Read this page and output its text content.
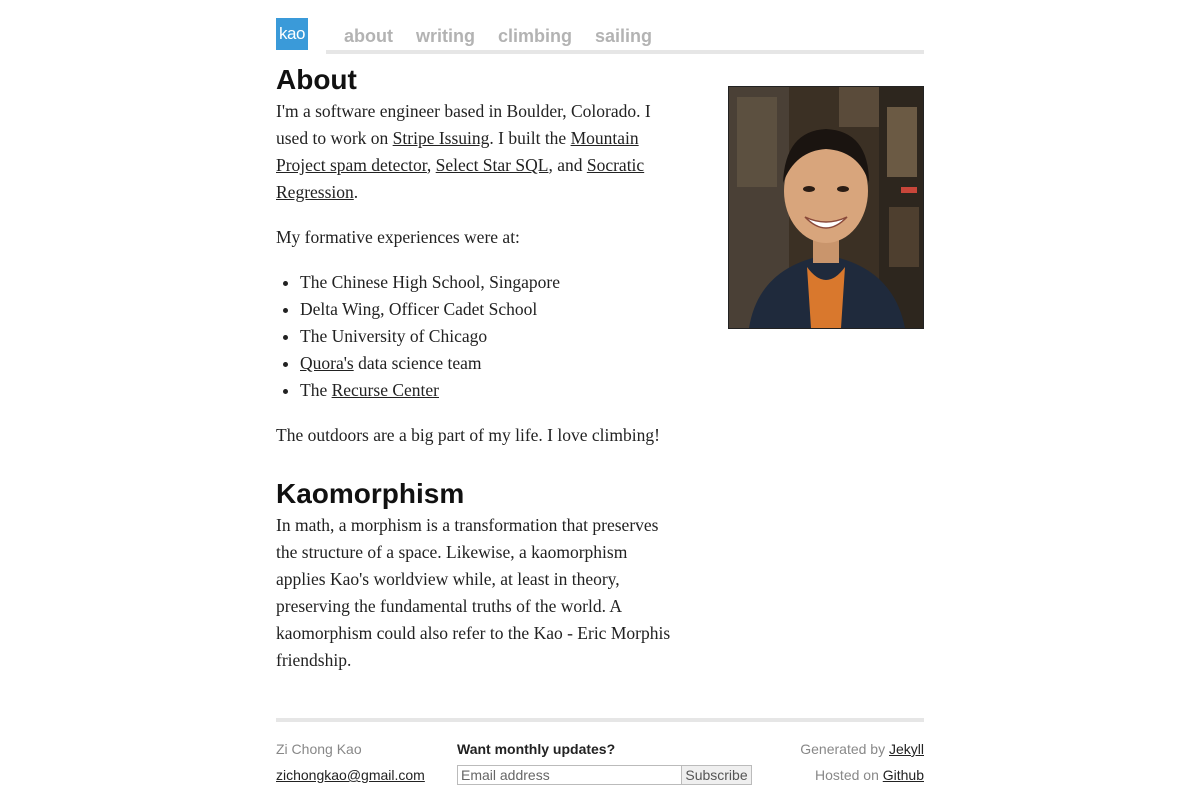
kao about writing climbing sailing
About

I'm a software engineer based in Boulder, Colorado. I used to work on Stripe Issuing. I built the Mountain Project spam detector, Select Star SQL, and Socratic Regression.

My formative experiences were at:

• The Chinese High School, Singapore
• Delta Wing, Officer Cadet School
• The University of Chicago
• Quora's data science team
• The Recurse Center

The outdoors are a big part of my life. I love climbing!

Kaomorphism

In math, a morphism is a transformation that preserves the structure of a space. Likewise, a kaomorphism applies Kao's worldview while, at least in theory, preserving the fundamental truths of the world. A kaomorphism could also refer to the Kao - Eric Morphis friendship.

Zi Chong Kao
zichongkao@gmail.com
Want monthly updates?
Email address
Subscribe
Generated by Jekyll
Hosted on Github
